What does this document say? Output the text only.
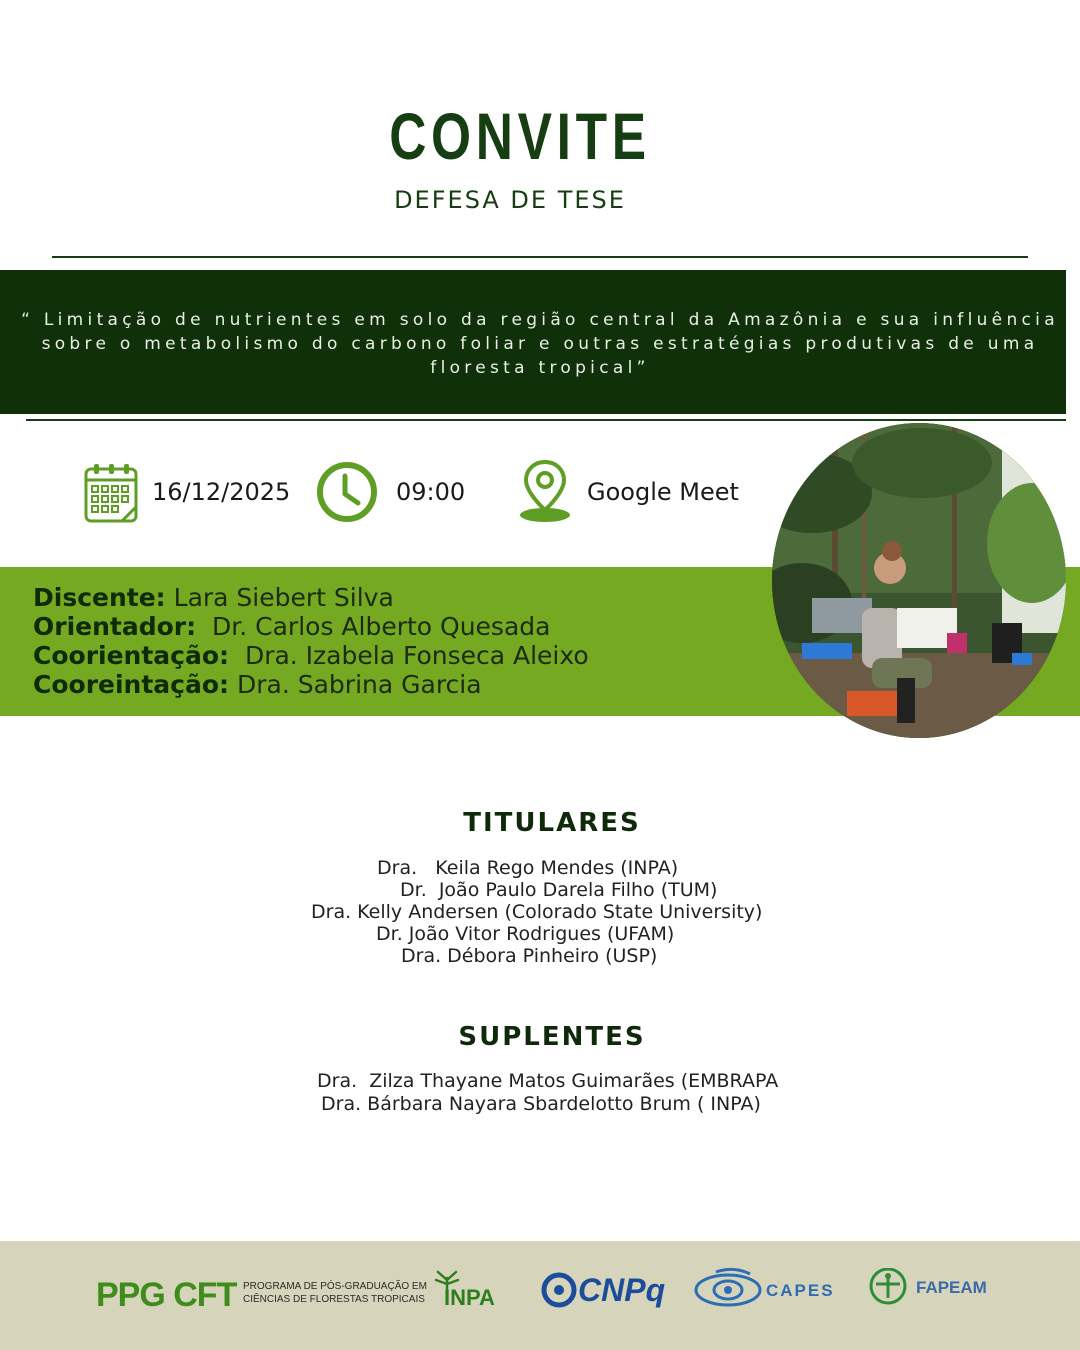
CONVITE
DEFESA DE TESE
“ Limitação de nutrientes em solo da região central da Amazônia e sua influência
sobre o metabolismo do carbono foliar e outras estratégias produtivas de uma
floresta tropical”
16/12/2025	09:00	Google Meet
Discente: Lara Siebert Silva
Orientador:  Dr. Carlos Alberto Quesada
Coorientação:  Dra. Izabela Fonseca Aleixo
Cooreintação: Dra. Sabrina Garcia
TITULARES
Dra.   Keila Rego Mendes (INPA)
Dr.  João Paulo Darela Filho (TUM)
Dra. Kelly Andersen (Colorado State University)
Dr. João Vitor Rodrigues (UFAM)
Dra. Débora Pinheiro (USP)
SUPLENTES
Dra.  Zilza Thayane Matos Guimarães (EMBRAPA
Dra. Bárbara Nayara Sbardelotto Brum ( INPA)
PPG CFT PROGRAMA DE PÓS-GRADUAÇÃO EM
CIÊNCIAS DE FLORESTAS TROPICAIS INPA	CNPq	CAPES	FAPEAM
